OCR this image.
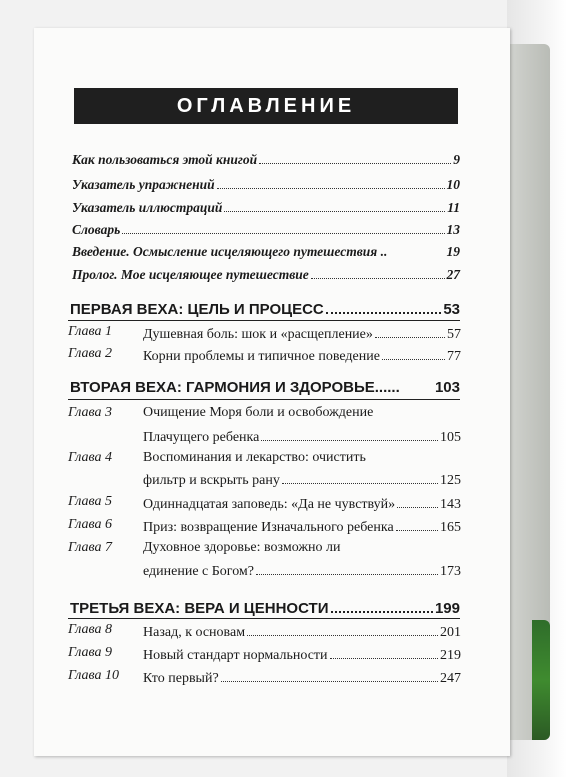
ОГЛАВЛЕНИЕ
Как пользоваться этой книгой	9
Указатель упражнений	10
Указатель иллюстраций	11
Словарь	13
Введение. Осмысление исцеляющего путешествия ..	19
Пролог. Мое исцеляющее путешествие	27
ПЕРВАЯ ВЕХА: ЦЕЛЬ И ПРОЦЕСС	53
Глава 1 Душевная боль: шок и «расщепление»	57
Глава 2 Корни проблемы и типичное поведение	77
ВТОРАЯ ВЕХА: ГАРМОНИЯ И ЗДОРОВЬЕ...... 103
Глава 3 Очищение Моря боли и освобождение
Плачущего ребенка	105
Глава 4 Воспоминания и лекарство: очистить
фильтр и вскрыть рану	125
Глава 5 Одиннадцатая заповедь: «Да не чувствуй»	143
Глава 6 Приз: возвращение Изначального ребенка	165
Глава 7 Духовное здоровье: возможно ли
единение с Богом?	173
ТРЕТЬЯ ВЕХА: ВЕРА И ЦЕННОСТИ	199
Глава 8 Назад, к основам	201
Глава 9 Новый стандарт нормальности	219
Глава 10 Кто первый?	247
